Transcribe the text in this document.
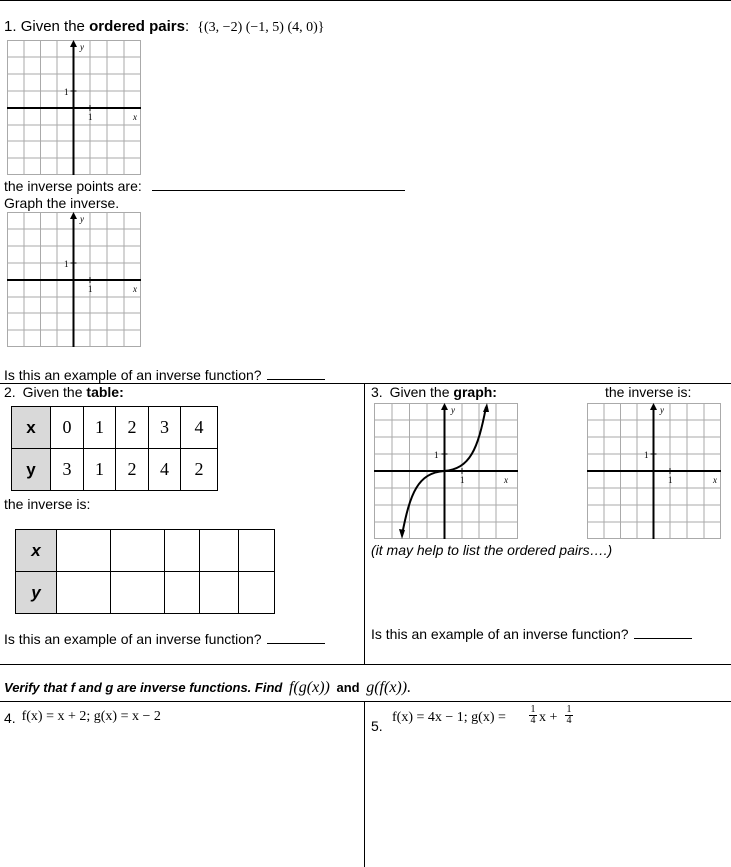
1. Given the ordered pairs: {(3, −2) (−1, 5) (4, 0)}
y
1
1	x
the inverse points are:
Graph the inverse.
y
1
1	x
Is this an example of an inverse function?
2. Given the table:
x	0	1	2	3	4
y	3	1	2	4	2
the inverse is:
x					
y					
Is this an example of an inverse function?
3. Given the graph:	the inverse is:
y
1
1	x
y
1
1	x
(it may help to list the ordered pairs….)
Is this an example of an inverse function?
Verify that f and g are inverse functions. Find f(g(x)) and g(f(x)).
4. f(x) = x + 2; g(x) = x − 2
5.
f(x) = 4x − 1; $g(x) = \frac{1}{4}$ $x + \frac{1}{4}$
